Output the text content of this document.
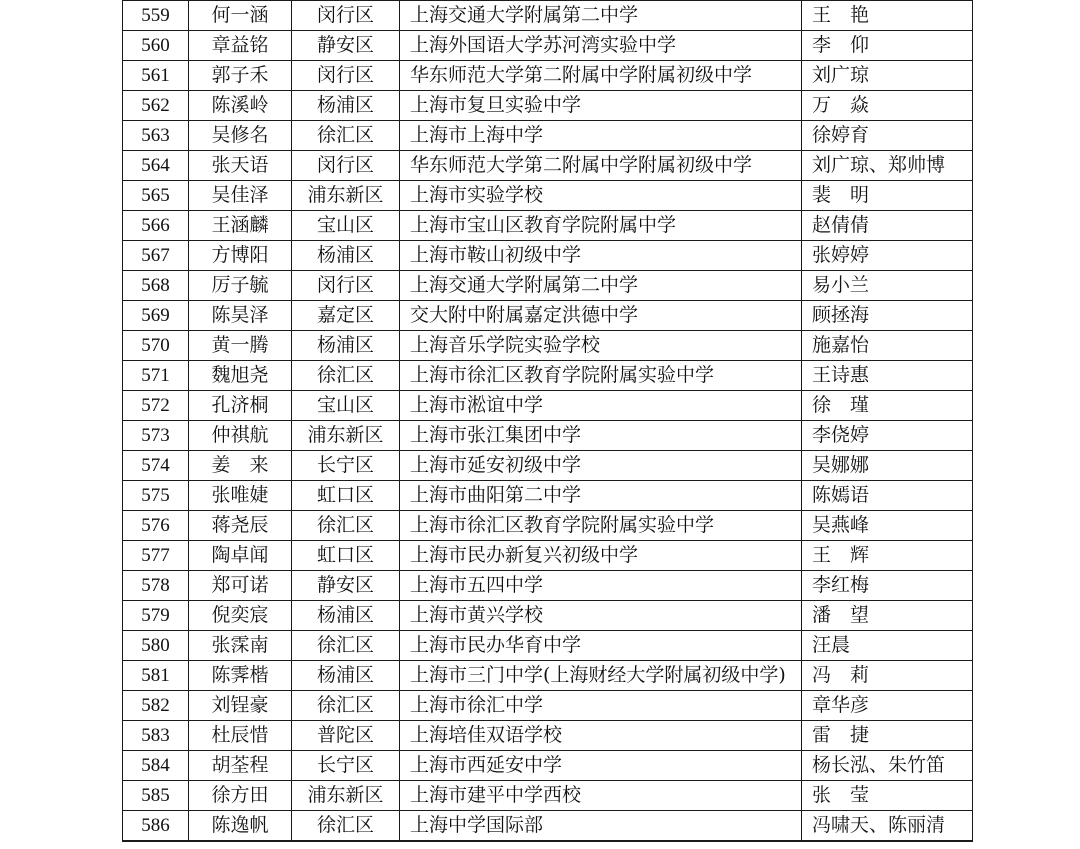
559	何一涵	闵行区	上海交通大学附属第二中学	王　艳
560	章益铭	静安区	上海外国语大学苏河湾实验中学	李　仰
561	郭子禾	闵行区	华东师范大学第二附属中学附属初级中学	刘广琼
562	陈溪岭	杨浦区	上海市复旦实验中学	万　焱
563	吴修名	徐汇区	上海市上海中学	徐婷育
564	张天语	闵行区	华东师范大学第二附属中学附属初级中学	刘广琼、郑帅博
565	吴佳泽	浦东新区	上海市实验学校	裴　明
566	王涵麟	宝山区	上海市宝山区教育学院附属中学	赵倩倩
567	方博阳	杨浦区	上海市鞍山初级中学	张婷婷
568	厉子毓	闵行区	上海交通大学附属第二中学	易小兰
569	陈昊泽	嘉定区	交大附中附属嘉定洪德中学	顾拯海
570	黄一腾	杨浦区	上海音乐学院实验学校	施嘉怡
571	魏旭尧	徐汇区	上海市徐汇区教育学院附属实验中学	王诗惠
572	孔济桐	宝山区	上海市淞谊中学	徐　瑾
573	仲祺航	浦东新区	上海市张江集团中学	李侥婷
574	姜　来	长宁区	上海市延安初级中学	吴娜娜
575	张唯婕	虹口区	上海市曲阳第二中学	陈嫣语
576	蒋尧辰	徐汇区	上海市徐汇区教育学院附属实验中学	吴燕峰
577	陶卓闻	虹口区	上海市民办新复兴初级中学	王　辉
578	郑可诺	静安区	上海市五四中学	李红梅
579	倪奕宸	杨浦区	上海市黄兴学校	潘　望
580	张霂南	徐汇区	上海市民办华育中学	汪晨
581	陈霁楷	杨浦区	上海市三门中学(上海财经大学附属初级中学)	冯　莉
582	刘锃豪	徐汇区	上海市徐汇中学	章华彦
583	杜辰惜	普陀区	上海培佳双语学校	雷　捷
584	胡荃程	长宁区	上海市西延安中学	杨长泓、朱竹笛
585	徐方田	浦东新区	上海市建平中学西校	张　莹
586	陈逸帆	徐汇区	上海中学国际部	冯啸天、陈丽清
